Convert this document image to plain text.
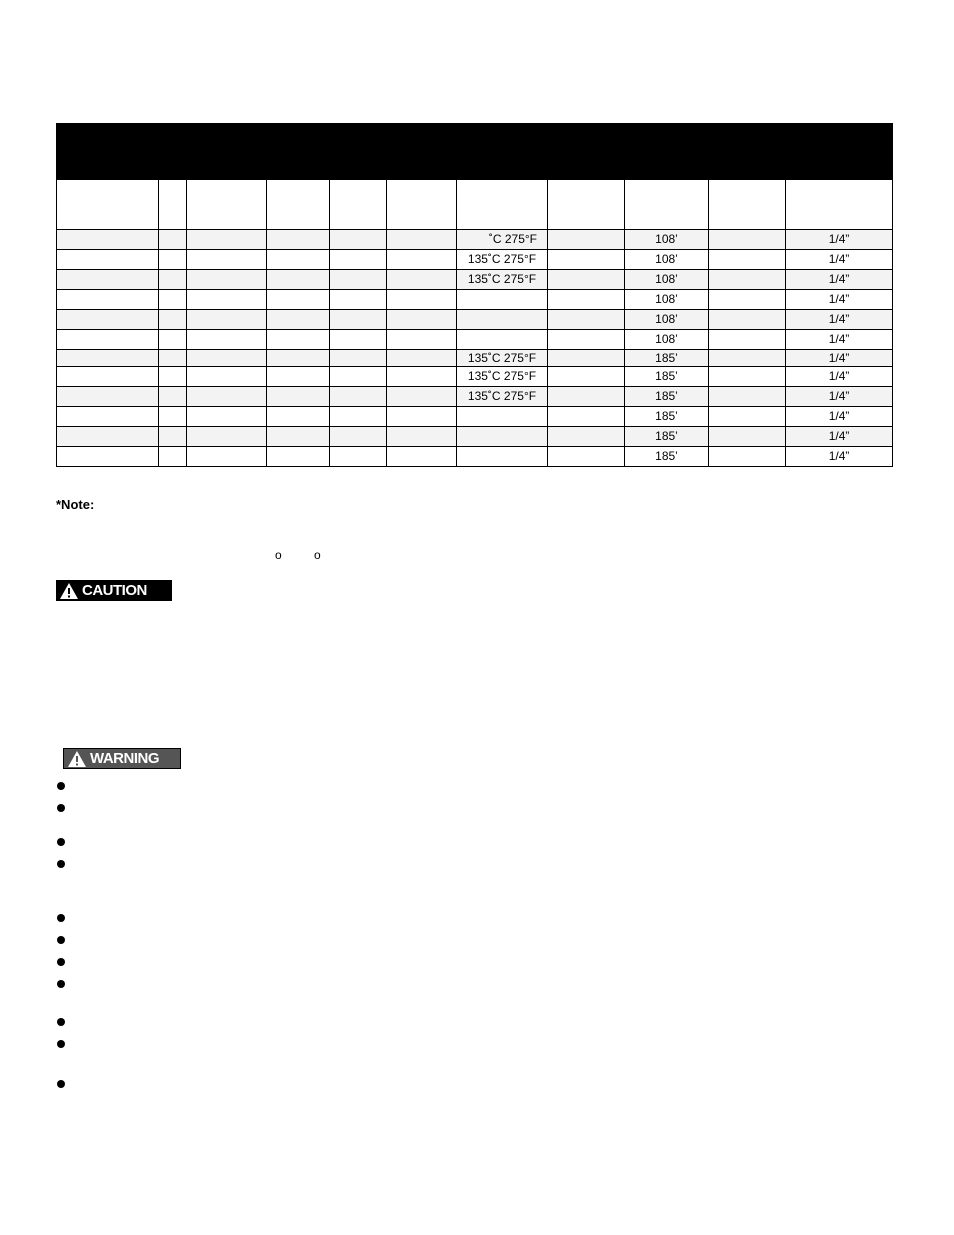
						˚C 275°F		108’		1/4”
						135˚C 275°F		108’		1/4”
						135˚C 275°F		108’		1/4”
								108’		1/4”
								108’		1/4”
								108’		1/4”
						135˚C 275°F		185’		1/4”
						135˚C 275°F		185’		1/4”
						135˚C 275°F		185’		1/4”
								185’		1/4”
								185’		1/4”
								185’		1/4”
*Note:
o	o
CAUTION
WARNING
